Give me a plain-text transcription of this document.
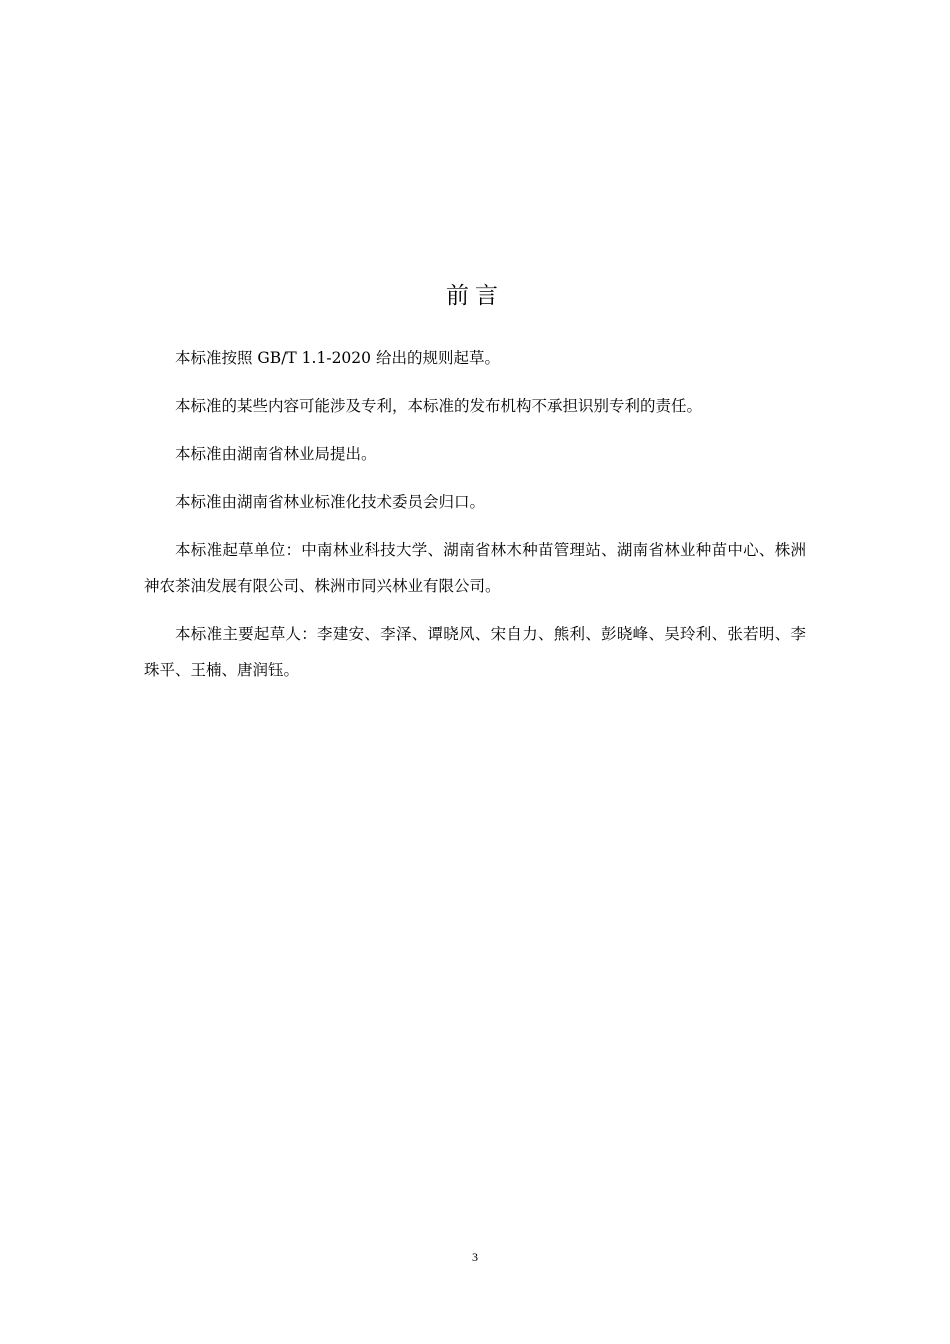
前言

本标准按照 GB/T 1.1-2020 给出的规则起草。

本标准的某些内容可能涉及专利，本标准的发布机构不承担识别专利的责任。

本标准由湖南省林业局提出。

本标准由湖南省林业标准化技术委员会归口。

本标准起草单位：中南林业科技大学、湖南省林木种苗管理站、湖南省林业种苗中心、株洲神农茶油发展有限公司、株洲市同兴林业有限公司。

本标准主要起草人：李建安、李泽、谭晓风、宋自力、熊利、彭晓峰、吴玲利、张若明、李珠平、王楠、唐润钰。

3
